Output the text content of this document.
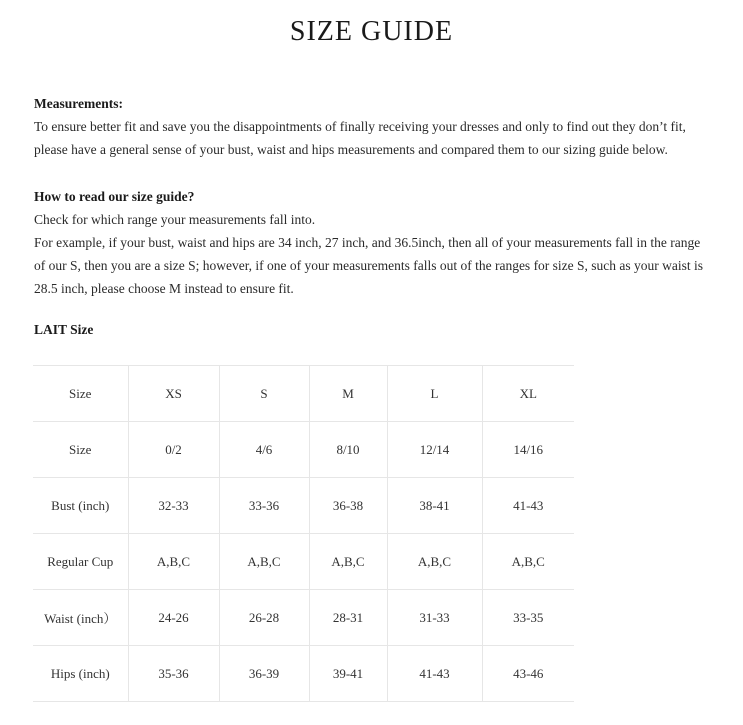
SIZE GUIDE
Measurements:
To ensure better fit and save you the disappointments of finally receiving your dresses and only to find out they don’t fit, please have a general sense of your bust, waist and hips measurements and compared them to our sizing guide below.
How to read our size guide?
Check for which range your measurements fall into.
For example, if your bust, waist and hips are 34 inch, 27 inch, and 36.5inch, then all of your measurements fall in the range of our S, then you are a size S; however, if one of your measurements falls out of the ranges for size S, such as your waist is 28.5 inch, please choose M instead to ensure fit.
LAIT Size
Size	XS	S	M	L	XL
Size	0/2	4/6	8/10	12/14	14/16
Bust (inch)	32-33	33-36	36-38	38-41	41-43
Regular Cup	A,B,C	A,B,C	A,B,C	A,B,C	A,B,C
Waist (inch）	24-26	26-28	28-31	31-33	33-35
Hips (inch)	35-36	36-39	39-41	41-43	43-46
